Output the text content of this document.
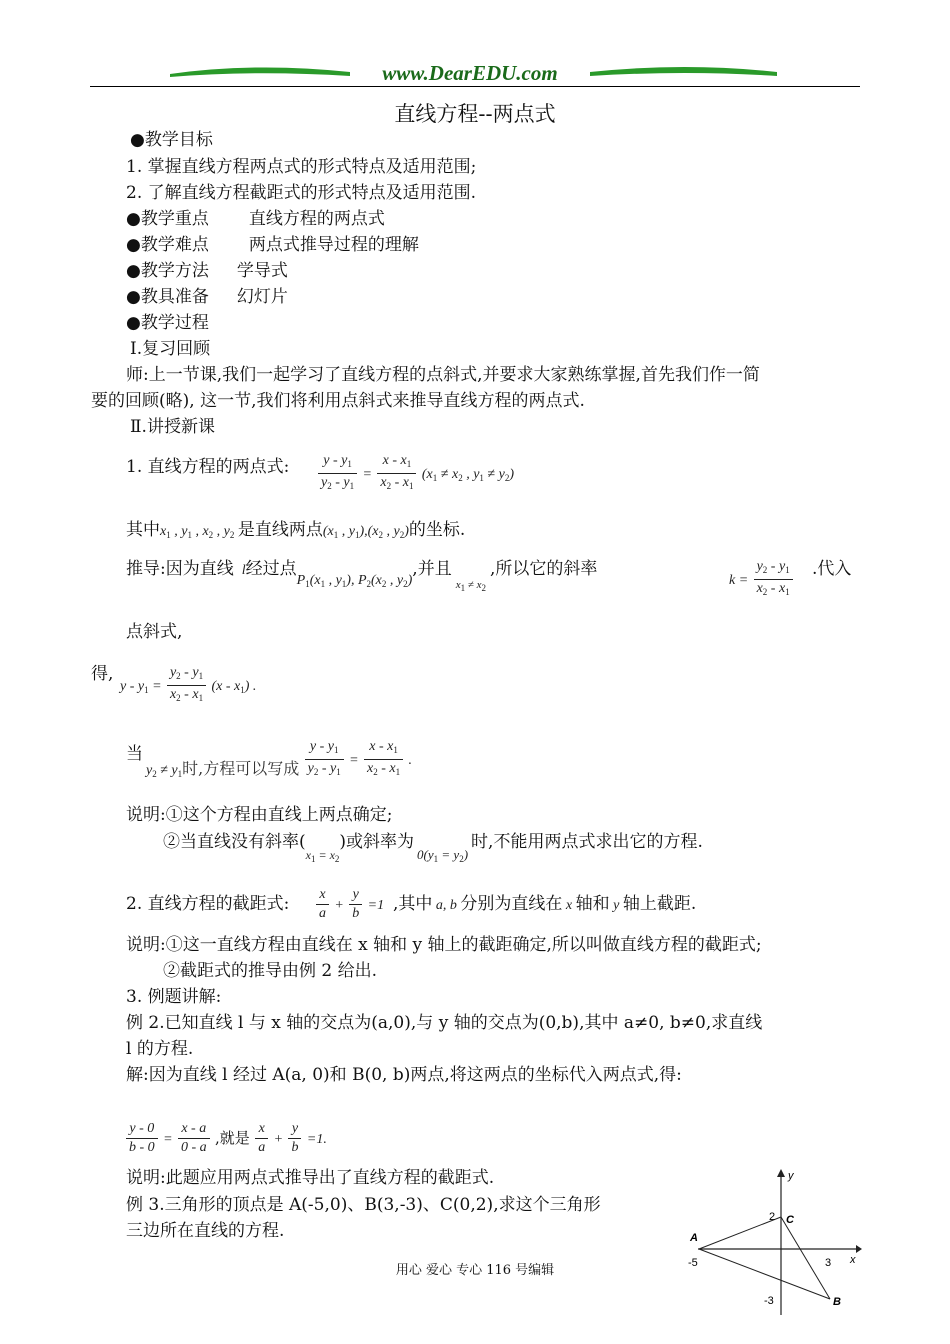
www.DearEDU.com
直线方程--两点式
●教学目标
1. 掌握直线方程两点式的形式特点及适用范围;
2. 了解直线方程截距式的形式特点及适用范围.
●教学重点 直线方程的两点式
●教学难点 两点式推导过程的理解
●教学方法 学导式
●教具准备 幻灯片
●教学过程
Ⅰ.复习回顾
师:上一节课,我们一起学习了直线方程的点斜式,并要求大家熟练掌握,首先我们作一简
要的回顾(略), 这一节,我们将利用点斜式来推导直线方程的两点式.
Ⅱ.讲授新课
1. 直线方程的两点式: $\frac{y - y_1}{y_2 - y_1} = \frac{x - x_1}{x_2 - x_1} (x_1 \ne x_2$ , $y_1 \ne y_2$)
其中$x_1$ , $y_1$ , $x_2$ , $y_2$ 是直线两点($x_1$ , $y_1),(x_2$ , $y_2$)的坐标.
推导:因为直线 l经过点$_{P_1(x_1 , y_1), P_2(x_2 , y_2)}$,并且$_{x_1 \ne x_2}$,所以它的斜率
$k = \frac{y_2 - y_1}{x_2 - x_1}$ .代入
点斜式,
得,
$y - y_1 = \frac{y_2 - y_1}{x_2 - x_1} (x - x_1)$ .
当
$_{y_2 \ne y_1}$时,方程可以写成 $\frac{y - y_1}{y_2 - y_1} = \frac{x - x_1}{x_2 - x_1}$ .
说明:①这个方程由直线上两点确定;
②当直线没有斜率$(_{x_1 = x_2})$或斜率为$_{0(y_1 = y_2)}$时,不能用两点式求出它的方程.
2. 直线方程的截距式: $\frac{x}{a} + \frac{y}{b} =1$ ,其中 a, b 分别为直线在 x 轴和 y 轴上截距.
说明:①这一直线方程由直线在 x 轴和 y 轴上的截距确定,所以叫做直线方程的截距式;
②截距式的推导由例 2 给出.
3. 例题讲解:
例 2.已知直线 l 与 x 轴的交点为(a,0),与 y 轴的交点为(0,b),其中 a≠0, b≠0,求直线
l 的方程.
解:因为直线 l 经过 A(a, 0)和 B(0, b)两点,将这两点的坐标代入两点式,得:
$\frac{y - 0}{b - 0} = \frac{x - a}{0 - a}$ ,就是 $\frac{x}{a} + \frac{y}{b} =1$.
说明:此题应用两点式推导出了直线方程的截距式.
例 3.三角形的顶点是 A(-5,0)、B(3,-3)、C(0,2),求这个三角形
三边所在直线的方程.
y
x
A
C
B
-5	3
2
-3
用心 爱心 专心 116 号编辑
